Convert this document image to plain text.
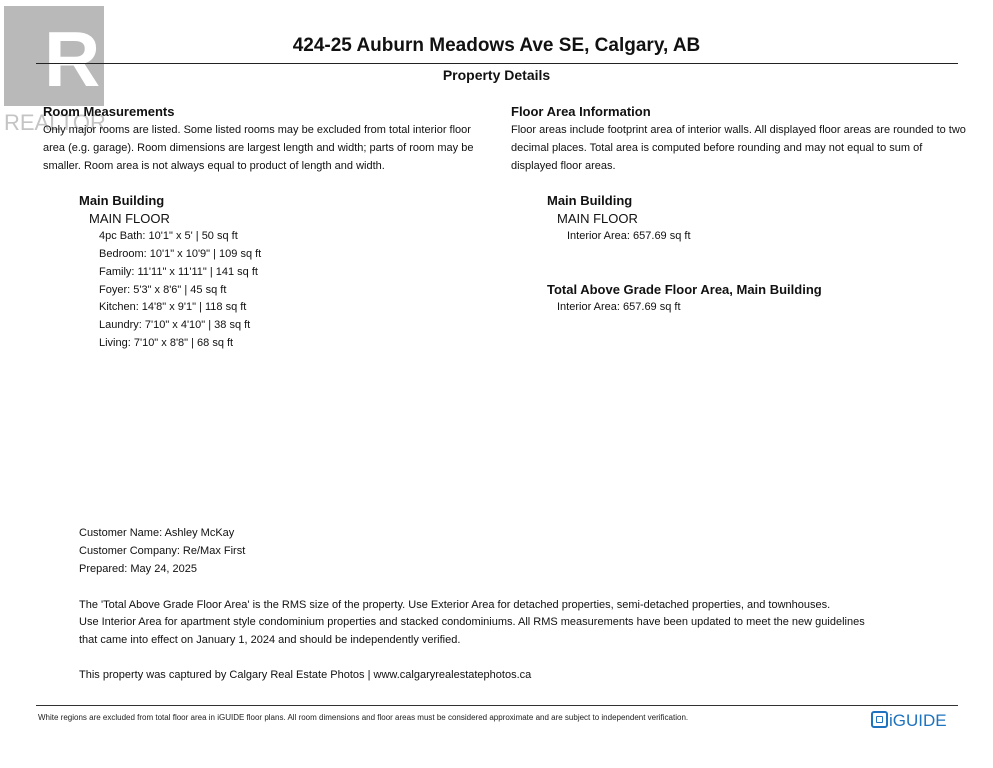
R
REALTOR
424-25 Auburn Meadows Ave SE, Calgary, AB
Property Details
Room Measurements
Only major rooms are listed. Some listed rooms may be excluded from total interior floor area (e.g. garage). Room dimensions are largest length and width; parts of room may be smaller. Room area is not always equal to product of length and width.
Main Building
MAIN FLOOR
4pc Bath: 10'1" x 5' | 50 sq ft
Bedroom: 10'1" x 10'9" | 109 sq ft
Family: 11'11" x 11'11" | 141 sq ft
Foyer: 5'3" x 8'6" | 45 sq ft
Kitchen: 14'8" x 9'1" | 118 sq ft
Laundry: 7'10" x 4'10" | 38 sq ft
Living: 7'10" x 8'8" | 68 sq ft
Floor Area Information
Floor areas include footprint area of interior walls. All displayed floor areas are rounded to two decimal places. Total area is computed before rounding and may not equal to sum of displayed floor areas.
Main Building
MAIN FLOOR
Interior Area: 657.69 sq ft
Total Above Grade Floor Area, Main Building
Interior Area: 657.69 sq ft
Customer Name: Ashley McKay
Customer Company: Re/Max First
Prepared: May 24, 2025
The 'Total Above Grade Floor Area' is the RMS size of the property. Use Exterior Area for detached properties, semi-detached properties, and townhouses.
Use Interior Area for apartment style condominium properties and stacked condominiums. All RMS measurements have been updated to meet the new guidelines
that came into effect on January 1, 2024 and should be independently verified.
This property was captured by Calgary Real Estate Photos | www.calgaryrealestatephotos.ca
White regions are excluded from total floor area in iGUIDE floor plans. All room dimensions and floor areas must be considered approximate and are subject to independent verification.	iGUIDE
